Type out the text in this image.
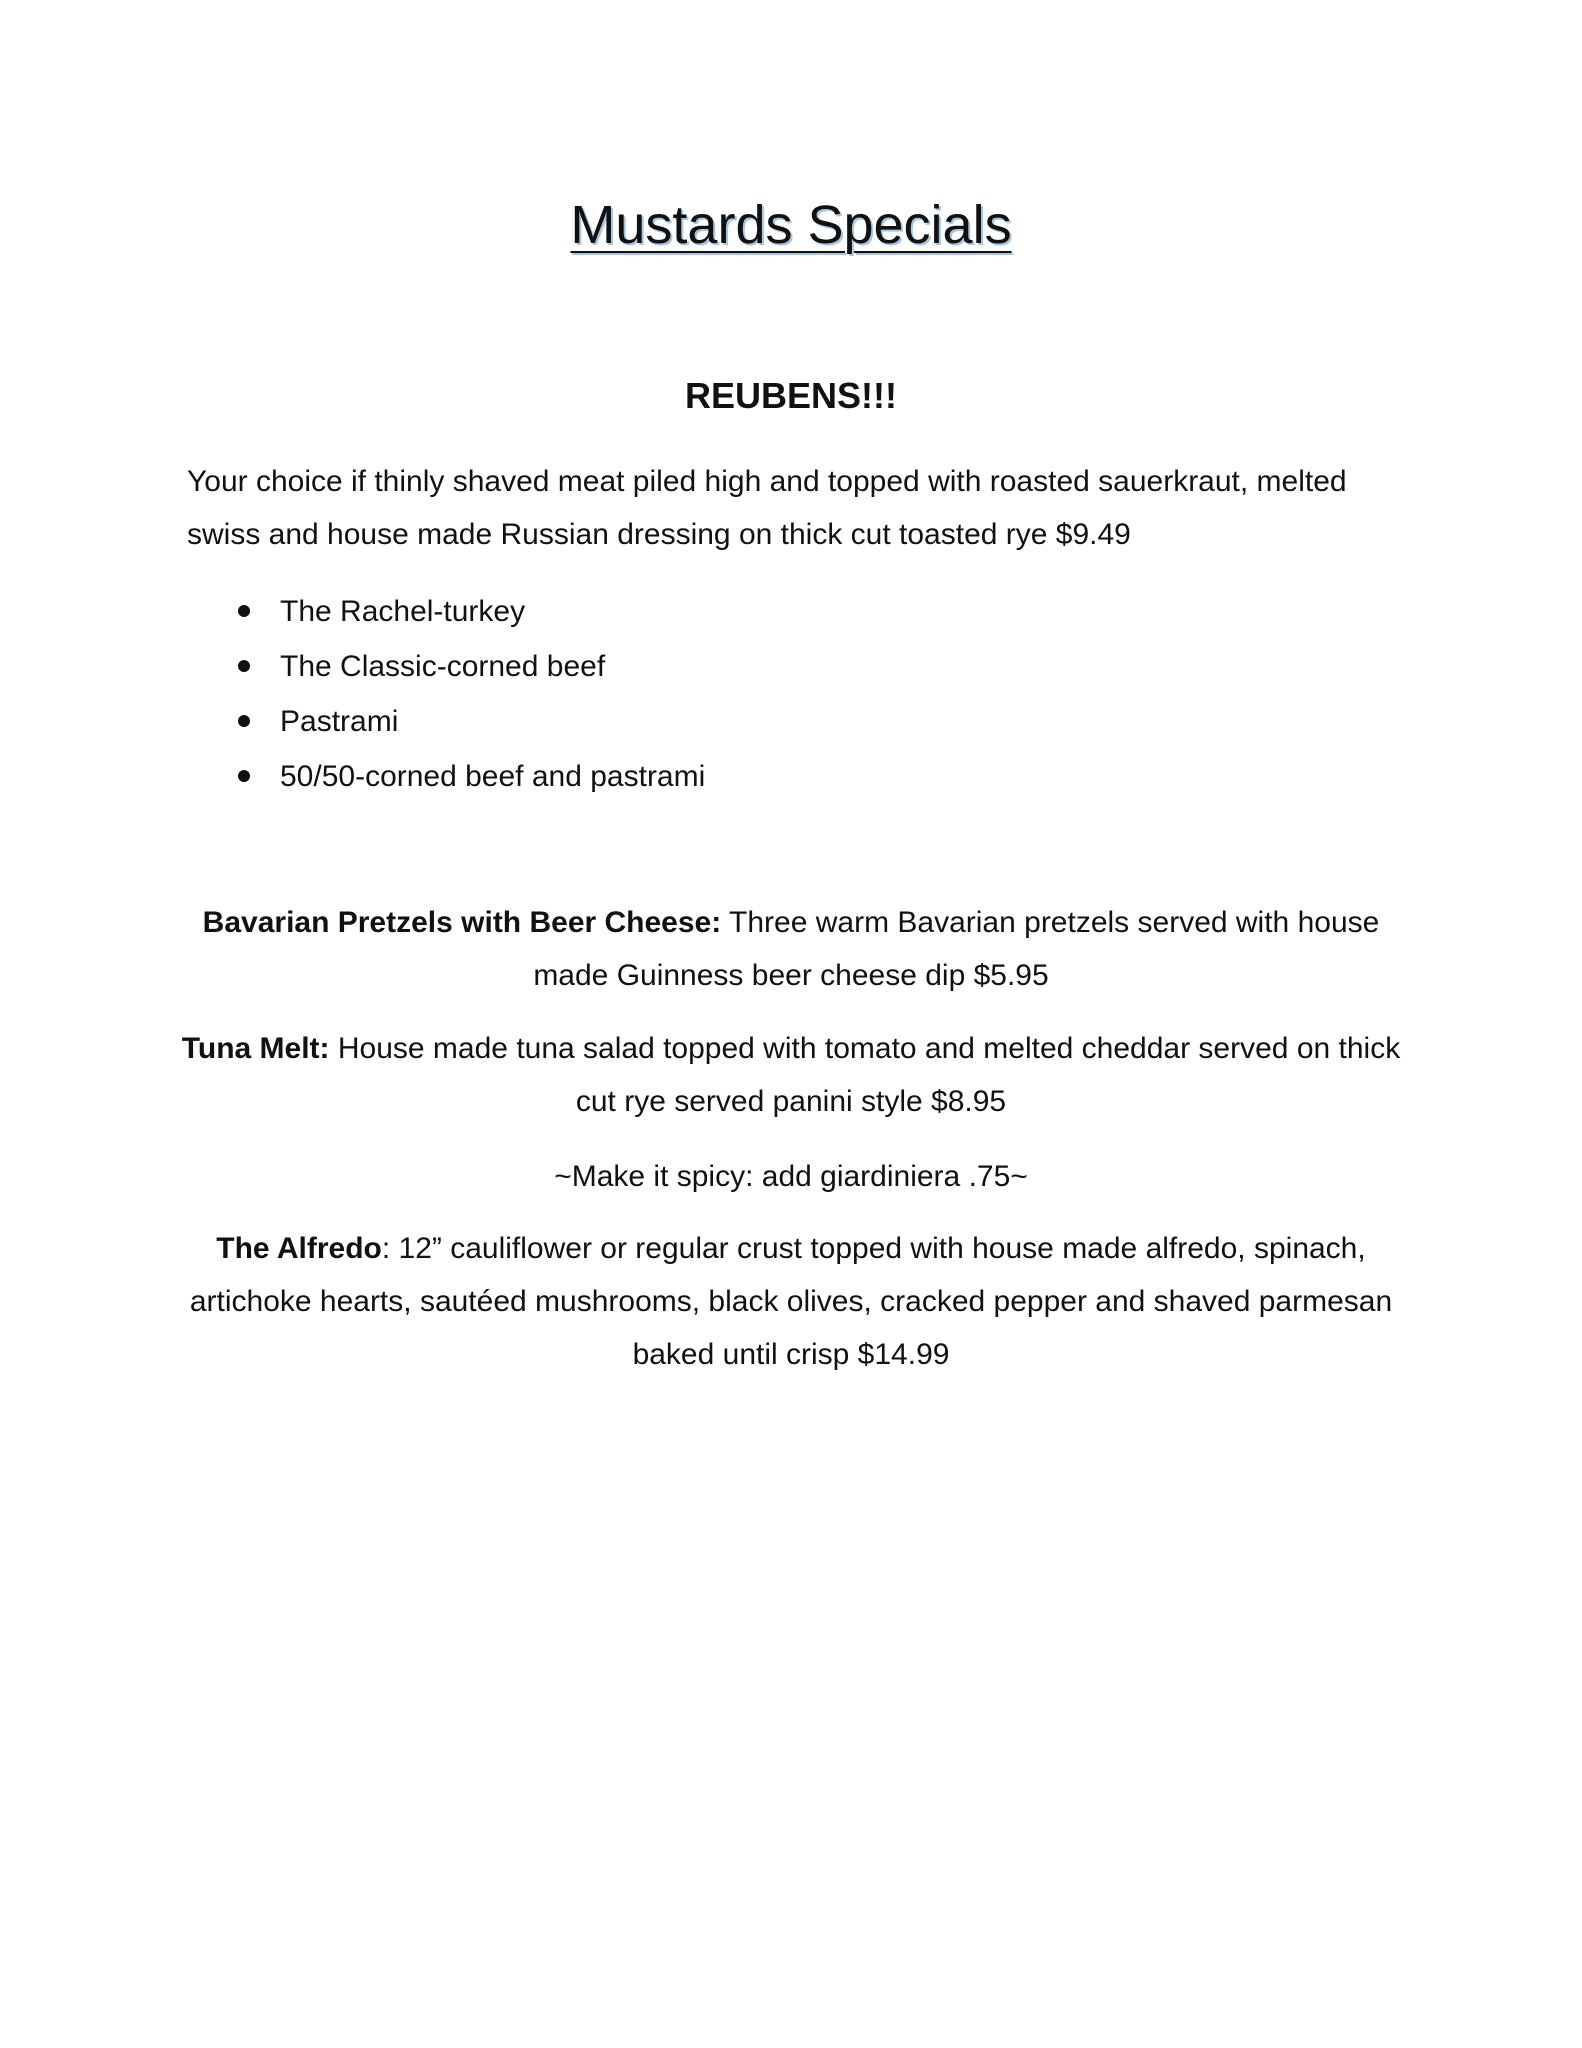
Mustards Specials
REUBENS!!!
Your choice if thinly shaved meat piled high and topped with roasted sauerkraut, melted swiss and house made Russian dressing on thick cut toasted rye $9.49
The Rachel-turkey
The Classic-corned beef
Pastrami
50/50-corned beef and pastrami
Bavarian Pretzels with Beer Cheese: Three warm Bavarian pretzels served with house made Guinness beer cheese dip $5.95
Tuna Melt: House made tuna salad topped with tomato and melted cheddar served on thick cut rye served panini style $8.95
~Make it spicy: add giardiniera .75~
The Alfredo: 12” cauliflower or regular crust topped with house made alfredo, spinach, artichoke hearts, sautéed mushrooms, black olives, cracked pepper and shaved parmesan baked until crisp $14.99
